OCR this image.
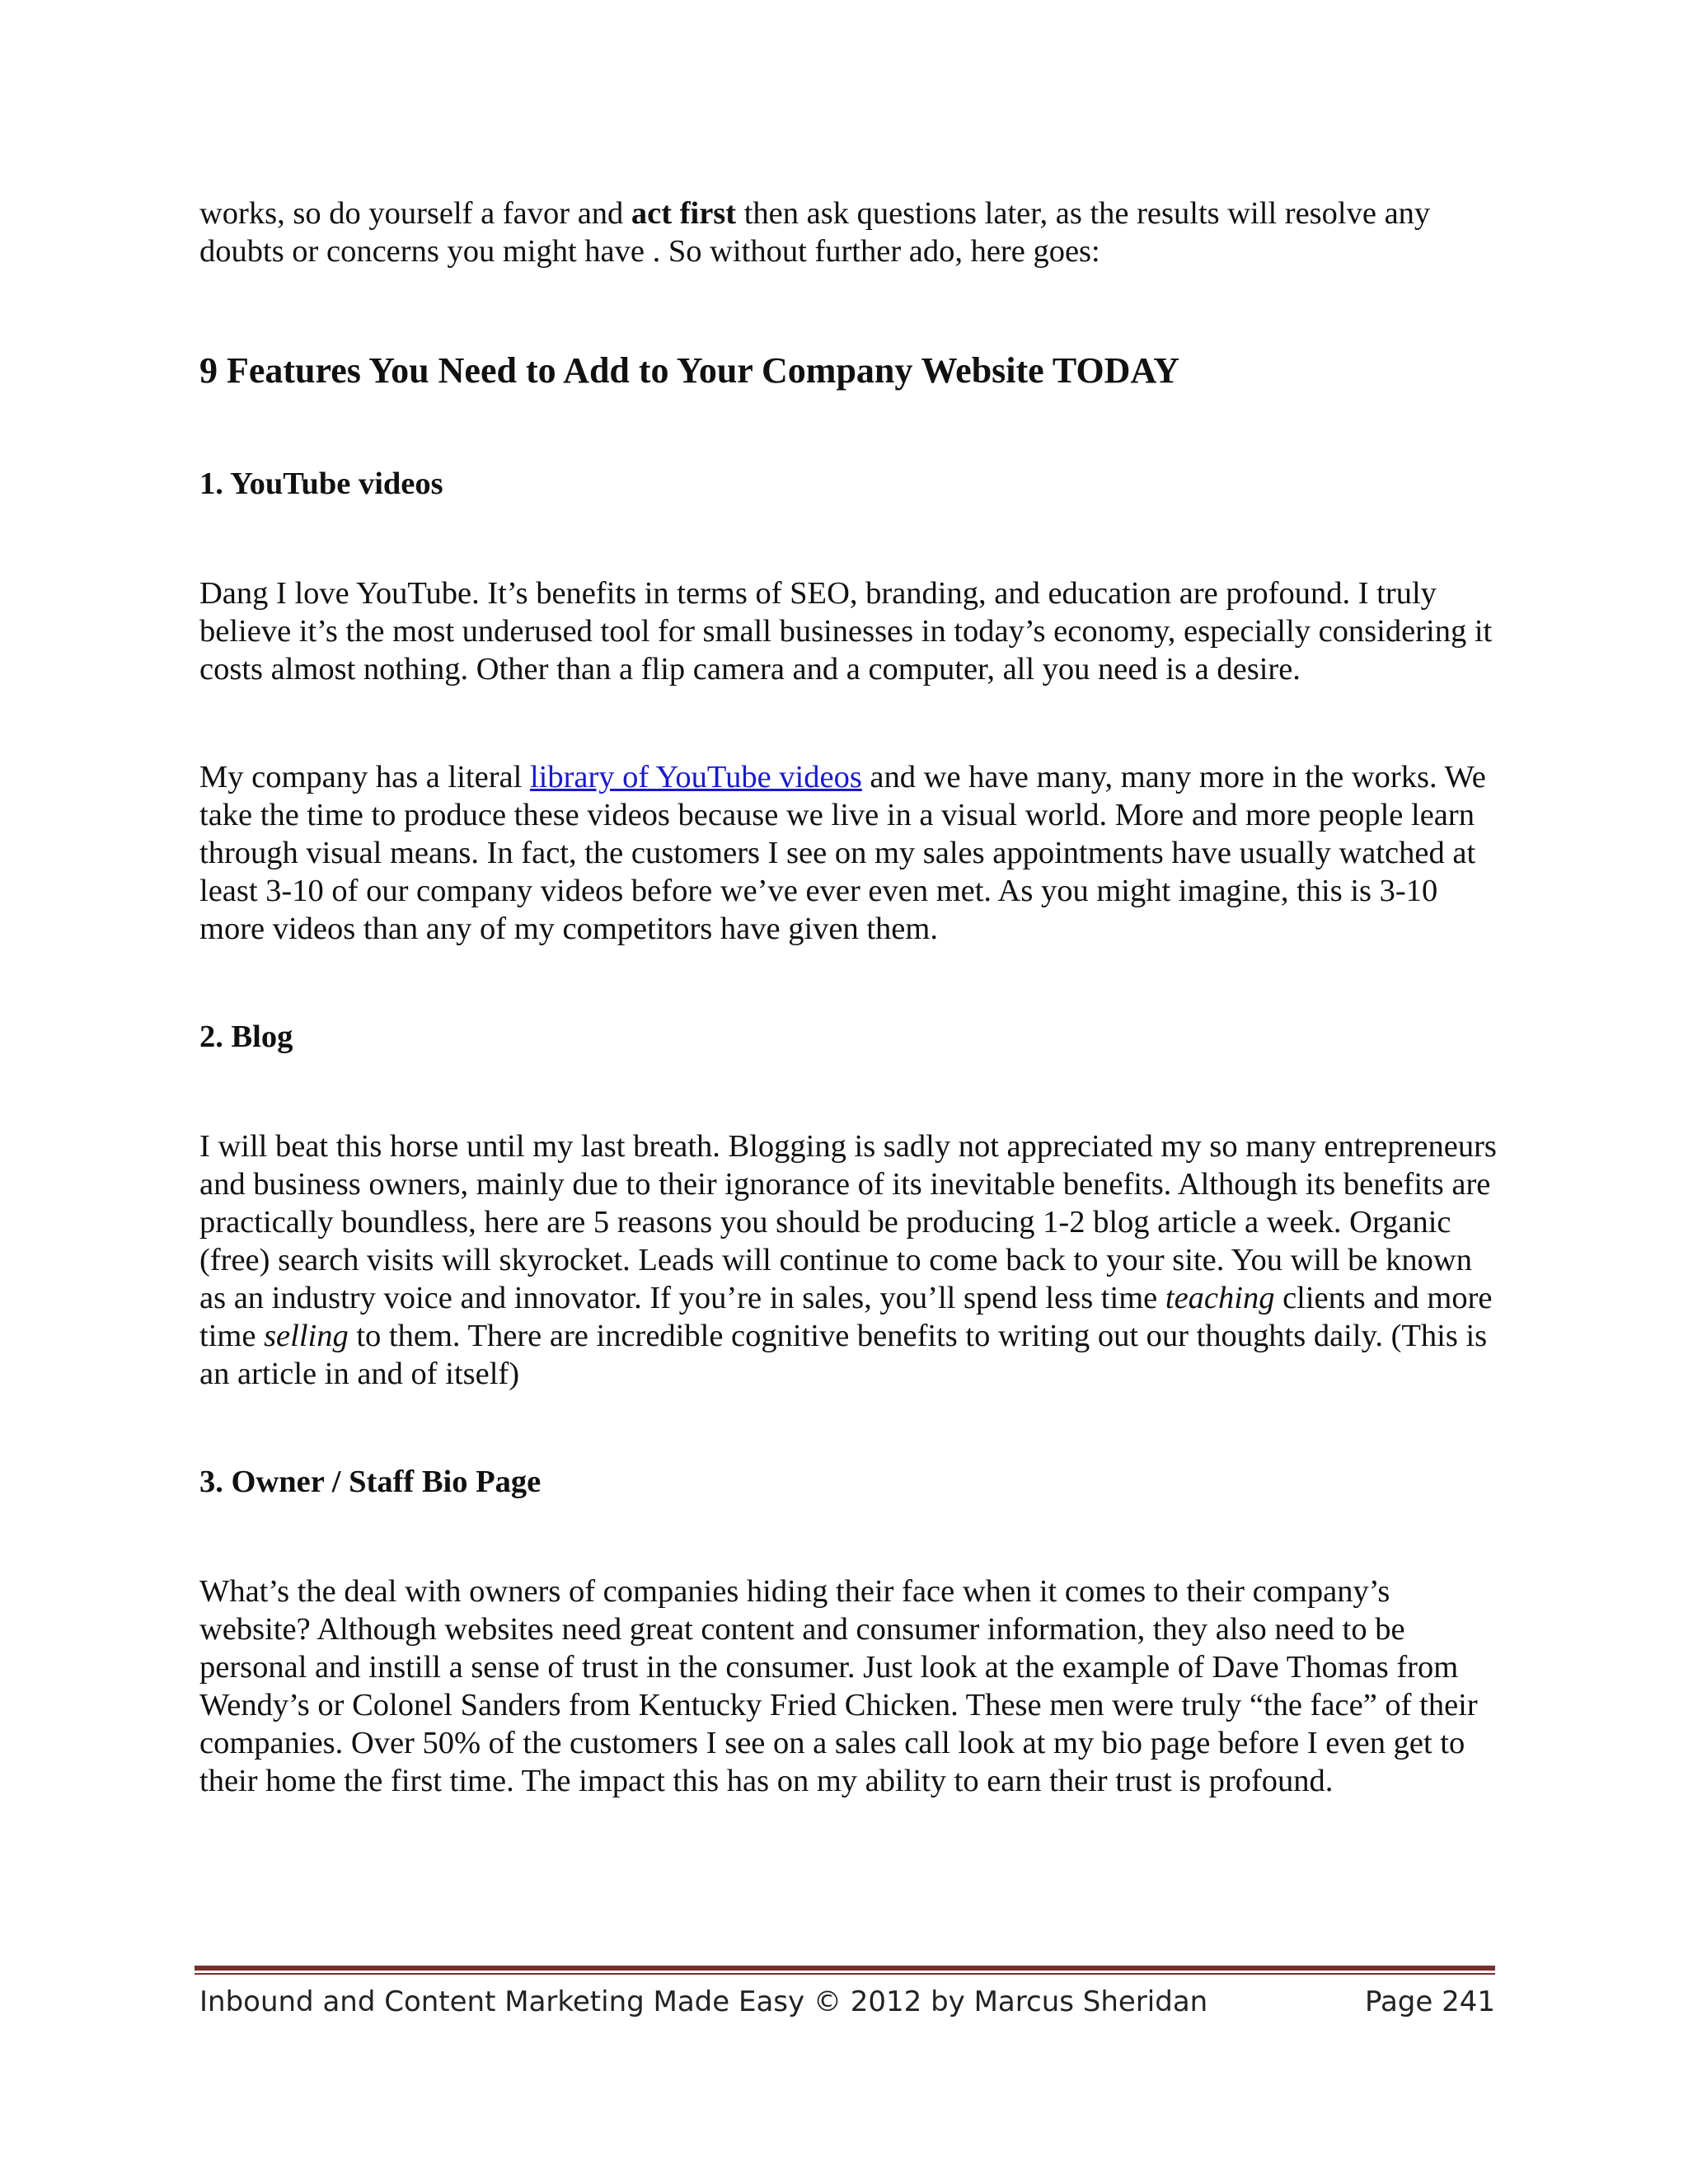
works, so do yourself a favor and act first then ask questions later, as the results will resolve any doubts or concerns you might have . So without further ado, here goes:

9 Features You Need to Add to Your Company Website TODAY
1. YouTube videos

Dang I love YouTube. It’s benefits in terms of SEO, branding, and education are profound. I truly believe it’s the most underused tool for small businesses in today’s economy, especially considering it costs almost nothing. Other than a flip camera and a computer, all you need is a desire.

My company has a literal library of YouTube videos and we have many, many more in the works. We take the time to produce these videos because we live in a visual world. More and more people learn through visual means. In fact, the customers I see on my sales appointments have usually watched at least 3-10 of our company videos before we’ve ever even met. As you might imagine, this is 3-10 more videos than any of my competitors have given them.

2. Blog

I will beat this horse until my last breath. Blogging is sadly not appreciated my so many entrepreneurs and business owners, mainly due to their ignorance of its inevitable benefits. Although its benefits are practically boundless, here are 5 reasons you should be producing 1-2 blog article a week. Organic (free) search visits will skyrocket. Leads will continue to come back to your site. You will be known as an industry voice and innovator. If you’re in sales, you’ll spend less time teaching clients and more time selling to them. There are incredible cognitive benefits to writing out our thoughts daily. (This is an article in and of itself)

3. Owner / Staff Bio Page

What’s the deal with owners of companies hiding their face when it comes to their company’s website? Although websites need great content and consumer information, they also need to be personal and instill a sense of trust in the consumer. Just look at the example of Dave Thomas from Wendy’s or Colonel Sanders from Kentucky Fried Chicken. These men were truly “the face” of their companies. Over 50% of the customers I see on a sales call look at my bio page before I even get to their home the first time. The impact this has on my ability to earn their trust is profound.

Inbound and Content Marketing Made Easy © 2012 by Marcus Sheridan	Page 241
